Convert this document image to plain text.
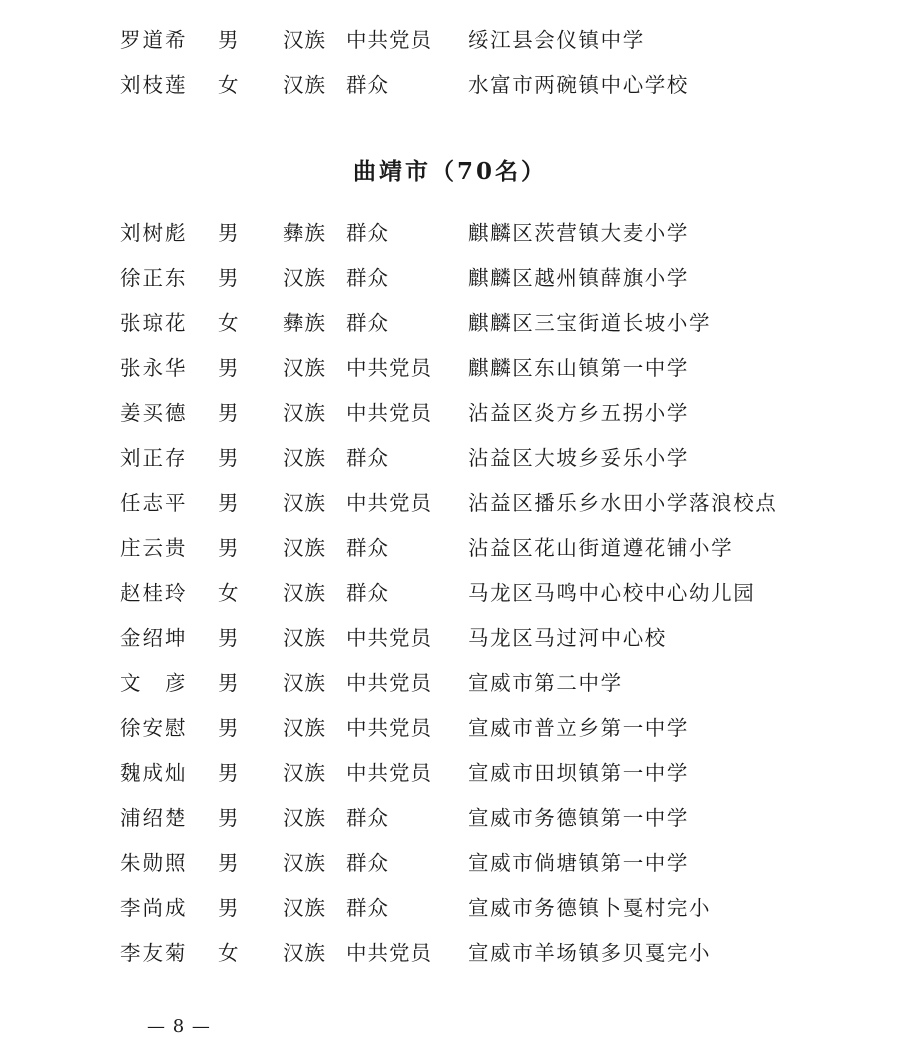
罗道希 男 汉族 中共党员 绥江县会仪镇中学
刘枝莲 女 汉族 群众	水富市两碗镇中心学校
曲靖市（70名）
刘树彪 男 彝族 群众	麒麟区茨营镇大麦小学
徐正东 男 汉族 群众	麒麟区越州镇薛旗小学
张琼花 女 彝族 群众	麒麟区三宝街道长坡小学
张永华 男 汉族 中共党员 麒麟区东山镇第一中学
姜买德 男 汉族 中共党员 沾益区炎方乡五拐小学
刘正存 男 汉族 群众	沾益区大坡乡妥乐小学
任志平 男 汉族 中共党员 沾益区播乐乡水田小学落浪校点
庄云贵 男 汉族 群众	沾益区花山街道遵花铺小学
赵桂玲 女 汉族 群众	马龙区马鸣中心校中心幼儿园
金绍坤 男 汉族 中共党员 马龙区马过河中心校
文　彦 男 汉族 中共党员 宣威市第二中学
徐安慰 男 汉族 中共党员 宣威市普立乡第一中学
魏成灿 男 汉族 中共党员 宣威市田坝镇第一中学
浦绍楚 男 汉族 群众	宣威市务德镇第一中学
朱勋照 男 汉族 群众	宣威市倘塘镇第一中学
李尚成 男 汉族 群众	宣威市务德镇卜戛村完小
李友菊 女 汉族 中共党员 宣威市羊场镇多贝戛完小
— 8 —
